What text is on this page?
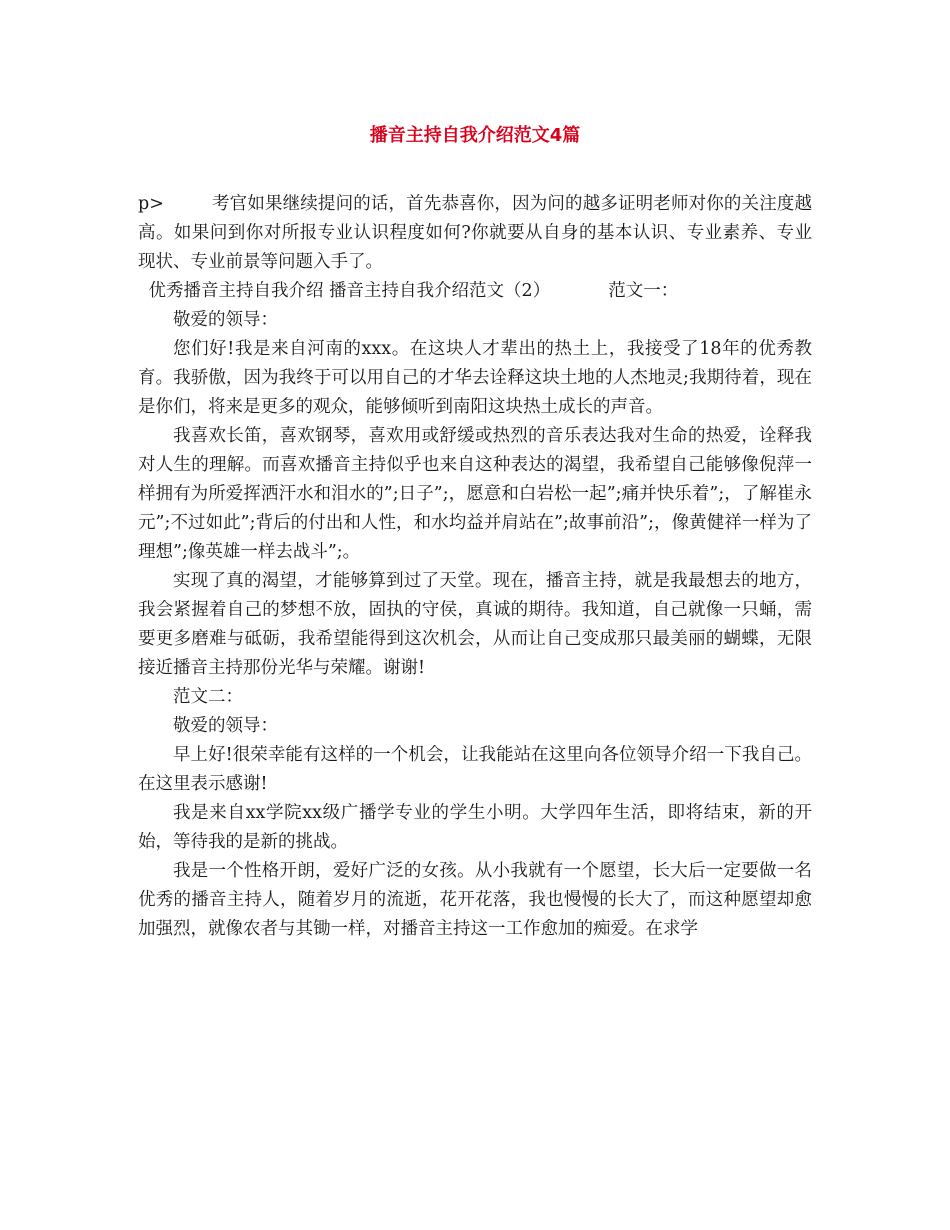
播音主持自我介绍范文4篇

p>	考官如果继续提问的话，首先恭喜你，因为问的越多证明老师对你的关注度越高。如果问到你对所报专业认识程度如何?你就要从自身的基本认识、专业素养、专业现状、专业前景等问题入手了。

优秀播音主持自我介绍 播音主持自我介绍范文（2）	范文一：

敬爱的领导：

您们好!我是来自河南的xxx。在这块人才辈出的热土上，我接受了18年的优秀教育。我骄傲，因为我终于可以用自己的才华去诠释这块土地的人杰地灵;我期待着，现在是你们，将来是更多的观众，能够倾听到南阳这块热土成长的声音。

我喜欢长笛，喜欢钢琴，喜欢用或舒缓或热烈的音乐表达我对生命的热爱，诠释我对人生的理解。而喜欢播音主持似乎也来自这种表达的渴望，我希望自己能够像倪萍一样拥有为所爱挥洒汗水和泪水的”;日子”;，愿意和白岩松一起”;痛并快乐着”;，了解崔永元”;不过如此”;背后的付出和人性，和水均益并肩站在”;故事前沿”;，像黄健祥一样为了理想”;像英雄一样去战斗”;。

实现了真的渴望，才能够算到过了天堂。现在，播音主持，就是我最想去的地方，我会紧握着自己的梦想不放，固执的守侯，真诚的期待。我知道，自己就像一只蛹，需要更多磨难与砥砺，我希望能得到这次机会，从而让自己变成那只最美丽的蝴蝶，无限接近播音主持那份光华与荣耀。谢谢!

范文二：

敬爱的领导：

早上好!很荣幸能有这样的一个机会，让我能站在这里向各位领导介绍一下我自己。在这里表示感谢!

我是来自xx学院xx级广播学专业的学生小明。大学四年生活，即将结束，新的开始，等待我的是新的挑战。

我是一个性格开朗，爱好广泛的女孩。从小我就有一个愿望，长大后一定要做一名优秀的播音主持人，随着岁月的流逝，花开花落，我也慢慢的长大了，而这种愿望却愈加强烈，就像农者与其锄一样，对播音主持这一工作愈加的痴爱。在求学
